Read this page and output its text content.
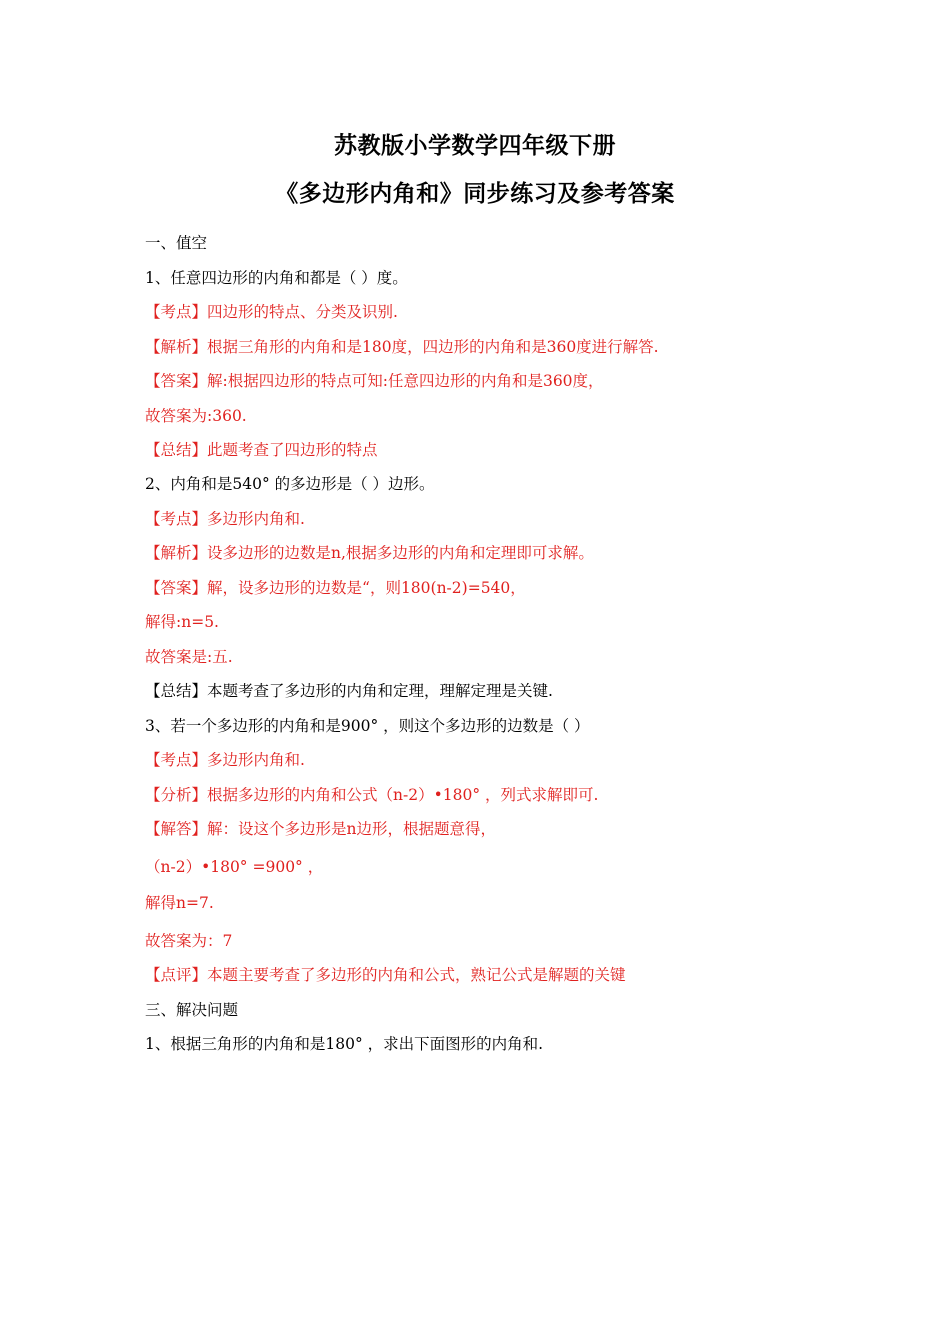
苏教版小学数学四年级下册
《多边形内角和》同步练习及参考答案
一、值空
1、任意四边形的内角和都是（ ）度。
【考点】四边形的特点、分类及识别.
【解析】根据三角形的内角和是180度，四边形的内角和是360度进行解答.
【答案】解:根据四边形的特点可知:任意四边形的内角和是360度，
故答案为:360.
【总结】此题考查了四边形的特点
2、内角和是540° 的多边形是（ ）边形。
【考点】多边形内角和.
【解析】设多边形的边数是n,根据多边形的内角和定理即可求解。
【答案】解，设多边形的边数是“，则180(n-2)=540，
解得:n=5.
故答案是:五.
【总结】本题考查了多边形的内角和定理，理解定理是关键.
3、若一个多边形的内角和是900° ，则这个多边形的边数是（ ）
【考点】多边形内角和.
【分析】根据多边形的内角和公式（n-2）•180° ，列式求解即可.
【解答】解：设这个多边形是n边形，根据题意得，
（n-2）•180° =900° ，
解得n=7.
故答案为：7
【点评】本题主要考查了多边形的内角和公式，熟记公式是解题的关键
三、解决问题
1、根据三角形的内角和是180° ，求出下面图形的内角和.
